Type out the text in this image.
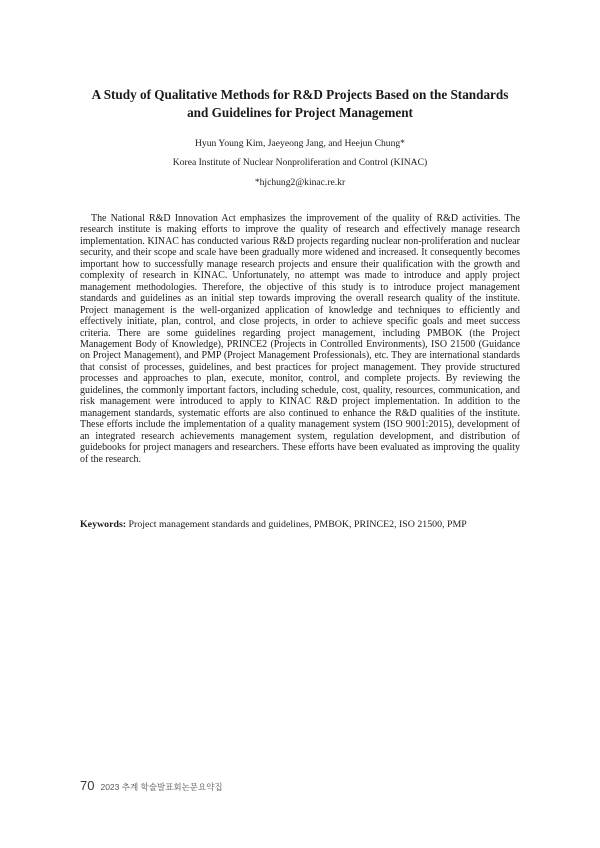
A Study of Qualitative Methods for R&D Projects Based on the Standards
and Guidelines for Project Management

Hyun Young Kim, Jaeyeong Jang, and Heejun Chung*

Korea Institute of Nuclear Nonproliferation and Control (KINAC)

*hjchung2@kinac.re.kr

The National R&D Innovation Act emphasizes the improvement of the quality of R&D activities. The research institute is making efforts to improve the quality of research and effectively manage research implementation. KINAC has conducted various R&D projects regarding nuclear non-proliferation and nuclear security, and their scope and scale have been gradually more widened and increased. It consequently becomes important how to successfully manage research projects and ensure their qualification with the growth and complexity of research in KINAC. Unfortunately, no attempt was made to introduce and apply project management methodologies. Therefore, the objective of this study is to introduce project management standards and guidelines as an initial step towards improving the overall research quality of the institute. Project management is the well-organized application of knowledge and techniques to efficiently and effectively initiate, plan, control, and close projects, in order to achieve specific goals and meet success criteria. There are some guidelines regarding project management, including PMBOK (the Project Management Body of Knowledge), PRINCE2 (Projects in Controlled Environments), ISO 21500 (Guidance on Project Management), and PMP (Project Management Professionals), etc. They are international standards that consist of processes, guidelines, and best practices for project management. They provide structured processes and approaches to plan, execute, monitor, control, and complete projects. By reviewing the guidelines, the commonly important factors, including schedule, cost, quality, resources, communication, and risk management were introduced to apply to KINAC R&D project implementation. In addition to the management standards, systematic efforts are also continued to enhance the R&D qualities of the institute. These efforts include the implementation of a quality management system (ISO 9001:2015), development of an integrated research achievements management system, regulation development, and distribution of guidebooks for project managers and researchers. These efforts have been evaluated as improving the quality of the research.

Keywords: Project management standards and guidelines, PMBOK, PRINCE2, ISO 21500, PMP

70 2023 추계 학술발표회논문요약집
